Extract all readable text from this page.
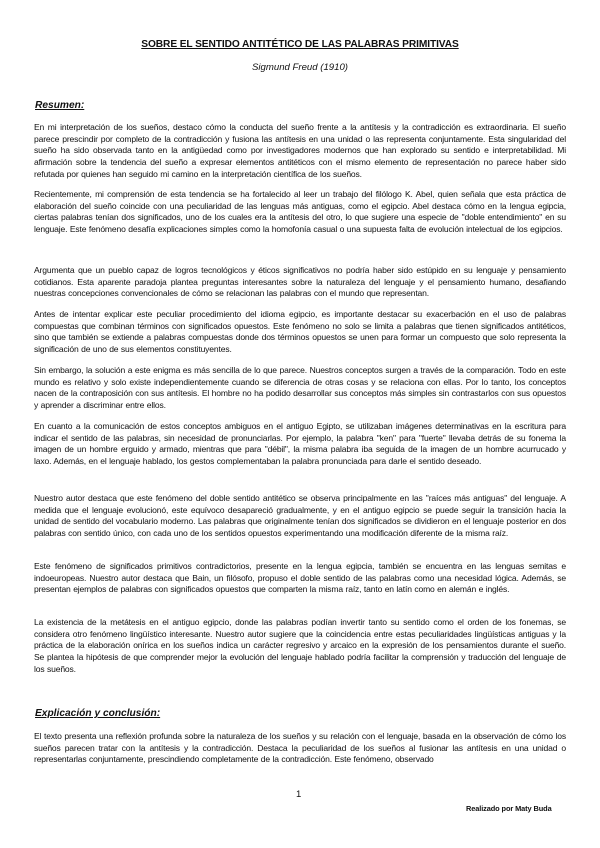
SOBRE EL SENTIDO ANTITÉTICO DE LAS PALABRAS PRIMITIVAS

Sigmund Freud (1910)

Resumen:

En mi interpretación de los sueños, destaco cómo la conducta del sueño frente a la antítesis y la contradicción es extraordinaria. El sueño parece prescindir por completo de la contradicción y fusiona las antítesis en una unidad o las representa conjuntamente. Esta singularidad del sueño ha sido observada tanto en la antigüedad como por investigadores modernos que han explorado su sentido e interpretabilidad. Mi afirmación sobre la tendencia del sueño a expresar elementos antitéticos con el mismo elemento de representación no parece haber sido refutada por quienes han seguido mi camino en la interpretación científica de los sueños.

Recientemente, mi comprensión de esta tendencia se ha fortalecido al leer un trabajo del filólogo K. Abel, quien señala que esta práctica de elaboración del sueño coincide con una peculiaridad de las lenguas más antiguas, como el egipcio. Abel destaca cómo en la lengua egipcia, ciertas palabras tenían dos significados, uno de los cuales era la antítesis del otro, lo que sugiere una especie de "doble entendimiento" en su lenguaje. Este fenómeno desafía explicaciones simples como la homofonía casual o una supuesta falta de evolución intelectual de los egipcios.

Argumenta que un pueblo capaz de logros tecnológicos y éticos significativos no podría haber sido estúpido en su lenguaje y pensamiento cotidianos. Esta aparente paradoja plantea preguntas interesantes sobre la naturaleza del lenguaje y el pensamiento humano, desafiando nuestras concepciones convencionales de cómo se relacionan las palabras con el mundo que representan.

Antes de intentar explicar este peculiar procedimiento del idioma egipcio, es importante destacar su exacerbación en el uso de palabras compuestas que combinan términos con significados opuestos. Este fenómeno no solo se limita a palabras que tienen significados antitéticos, sino que también se extiende a palabras compuestas donde dos términos opuestos se unen para formar un compuesto que solo representa la significación de uno de sus elementos constituyentes.

Sin embargo, la solución a este enigma es más sencilla de lo que parece. Nuestros conceptos surgen a través de la comparación. Todo en este mundo es relativo y solo existe independientemente cuando se diferencia de otras cosas y se relaciona con ellas. Por lo tanto, los conceptos nacen de la contraposición con sus antítesis. El hombre no ha podido desarrollar sus conceptos más simples sin contrastarlos con sus opuestos y aprender a discriminar entre ellos.

En cuanto a la comunicación de estos conceptos ambiguos en el antiguo Egipto, se utilizaban imágenes determinativas en la escritura para indicar el sentido de las palabras, sin necesidad de pronunciarlas. Por ejemplo, la palabra "ken" para "fuerte" llevaba detrás de su fonema la imagen de un hombre erguido y armado, mientras que para "débil", la misma palabra iba seguida de la imagen de un hombre acurrucado y laxo. Además, en el lenguaje hablado, los gestos complementaban la palabra pronunciada para darle el sentido deseado.

Nuestro autor destaca que este fenómeno del doble sentido antitético se observa principalmente en las "raíces más antiguas" del lenguaje. A medida que el lenguaje evolucionó, este equívoco desapareció gradualmente, y en el antiguo egipcio se puede seguir la transición hacia la unidad de sentido del vocabulario moderno. Las palabras que originalmente tenían dos significados se dividieron en el lenguaje posterior en dos palabras con sentido único, con cada uno de los sentidos opuestos experimentando una modificación diferente de la misma raíz.

Este fenómeno de significados primitivos contradictorios, presente en la lengua egipcia, también se encuentra en las lenguas semitas e indoeuropeas. Nuestro autor destaca que Bain, un filósofo, propuso el doble sentido de las palabras como una necesidad lógica. Además, se presentan ejemplos de palabras con significados opuestos que comparten la misma raíz, tanto en latín como en alemán e inglés.

La existencia de la metátesis en el antiguo egipcio, donde las palabras podían invertir tanto su sentido como el orden de los fonemas, se considera otro fenómeno lingüístico interesante. Nuestro autor sugiere que la coincidencia entre estas peculiaridades lingüísticas antiguas y la práctica de la elaboración onírica en los sueños indica un carácter regresivo y arcaico en la expresión de los pensamientos durante el sueño. Se plantea la hipótesis de que comprender mejor la evolución del lenguaje hablado podría facilitar la comprensión y traducción del lenguaje de los sueños.

Explicación y conclusión:

El texto presenta una reflexión profunda sobre la naturaleza de los sueños y su relación con el lenguaje, basada en la observación de cómo los sueños parecen tratar con la antítesis y la contradicción. Destaca la peculiaridad de los sueños al fusionar las antítesis en una unidad o representarlas conjuntamente, prescindiendo completamente de la contradicción. Este fenómeno, observado

1

Realizado por Maty Buda
